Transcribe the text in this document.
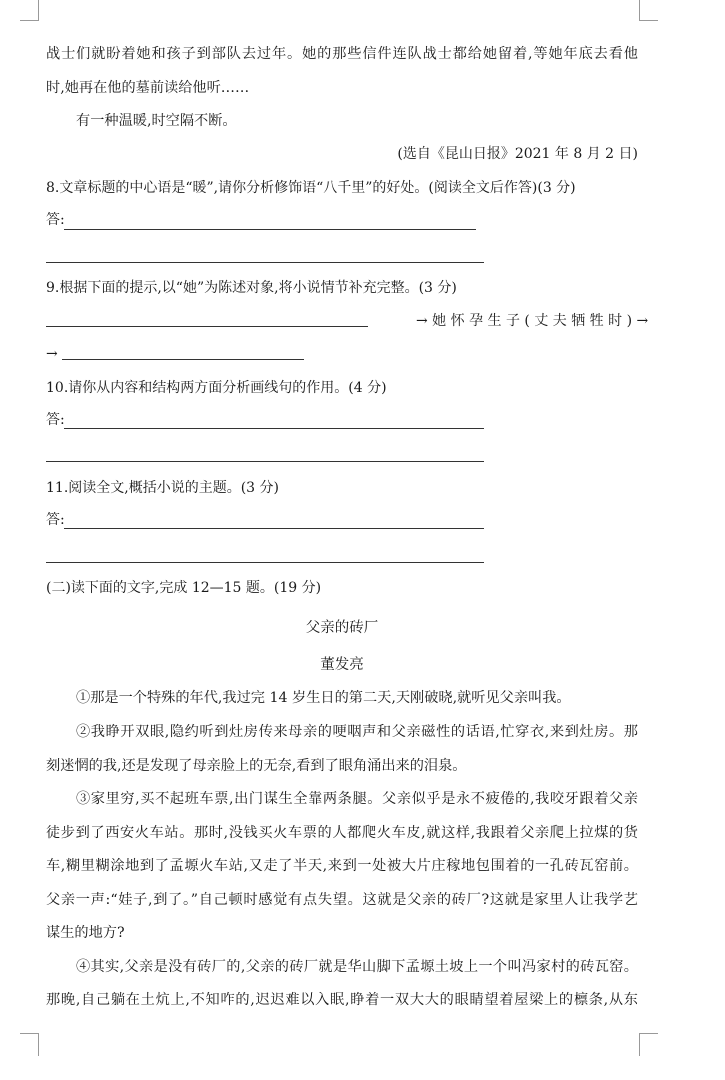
战士们就盼着她和孩子到部队去过年。她的那些信件连队战士都给她留着,等她年底去看他
时,她再在他的墓前读给他听……
有一种温暖,时空隔不断。
(选自《昆山日报》2021 年 8 月 2 日)
8.文章标题的中心语是“暖”,请你分析修饰语“八千里”的好处。(阅读全文后作答)(3 分)
答:
9.根据下面的提示,以“她”为陈述对象,将小说情节补充完整。(3 分)
→ 她 怀 孕 生 子 ( 丈 夫 牺 牲 时 ) →
→
10.请你从内容和结构两方面分析画线句的作用。(4 分)
答:
11.阅读全文,概括小说的主题。(3 分)
答:
(二)读下面的文字,完成 12—15 题。(19 分)
父亲的砖厂
董发亮
①那是一个特殊的年代,我过完 14 岁生日的第二天,天刚破晓,就听见父亲叫我。
②我睁开双眼,隐约听到灶房传来母亲的哽咽声和父亲磁性的话语,忙穿衣,来到灶房。那
刻迷惘的我,还是发现了母亲脸上的无奈,看到了眼角涌出来的泪泉。
③家里穷,买不起班车票,出门谋生全靠两条腿。父亲似乎是永不疲倦的,我咬牙跟着父亲
徒步到了西安火车站。那时,没钱买火车票的人都爬火车皮,就这样,我跟着父亲爬上拉煤的货
车,糊里糊涂地到了孟塬火车站,又走了半天,来到一处被大片庄稼地包围着的一孔砖瓦窑前。
父亲一声:“娃子,到了。”自己顿时感觉有点失望。这就是父亲的砖厂?这就是家里人让我学艺
谋生的地方?
④其实,父亲是没有砖厂的,父亲的砖厂就是华山脚下孟塬土坡上一个叫冯家村的砖瓦窑。
那晚,自己躺在土炕上,不知咋的,迟迟难以入眠,睁着一双大大的眼睛望着屋梁上的檩条,从东
